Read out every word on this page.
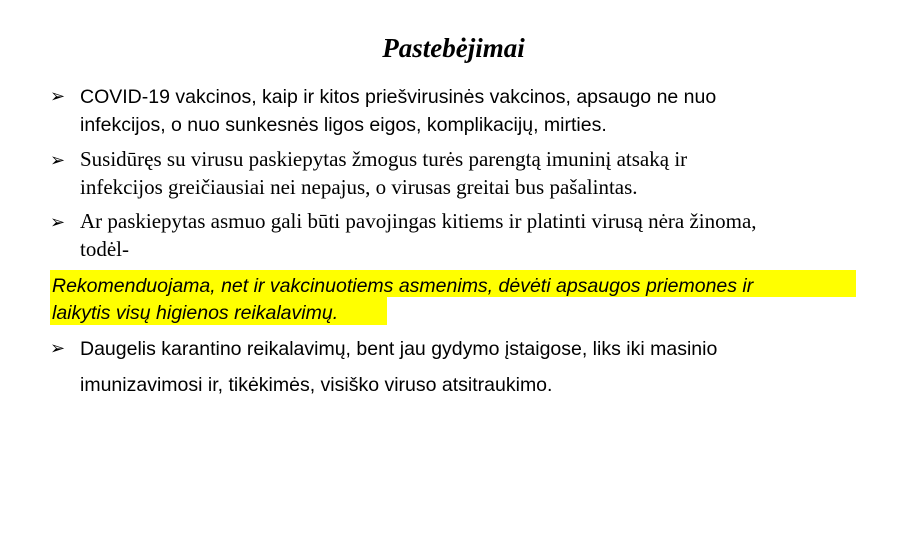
Pastebėjimai
➢ COVID-19 vakcinos, kaip ir kitos priešvirusinės vakcinos, apsaugo ne nuo
infekcijos, o nuo sunkesnės ligos eigos, komplikacijų, mirties.
➢ Susidūręs su virusu paskiepytas žmogus turės parengtą imuninį atsaką ir
infekcijos greičiausiai nei nepajus, o virusas greitai bus pašalintas.
➢ Ar paskiepytas asmuo gali būti pavojingas kitiems ir platinti virusą nėra žinoma,
todėl-
Rekomenduojama, net ir vakcinuotiems asmenims, dėvėti apsaugos priemones ir
laikytis visų higienos reikalavimų.
➢ Daugelis karantino reikalavimų, bent jau gydymo įstaigose, liks iki masinio
imunizavimosi ir, tikėkimės, visiško viruso atsitraukimo.
